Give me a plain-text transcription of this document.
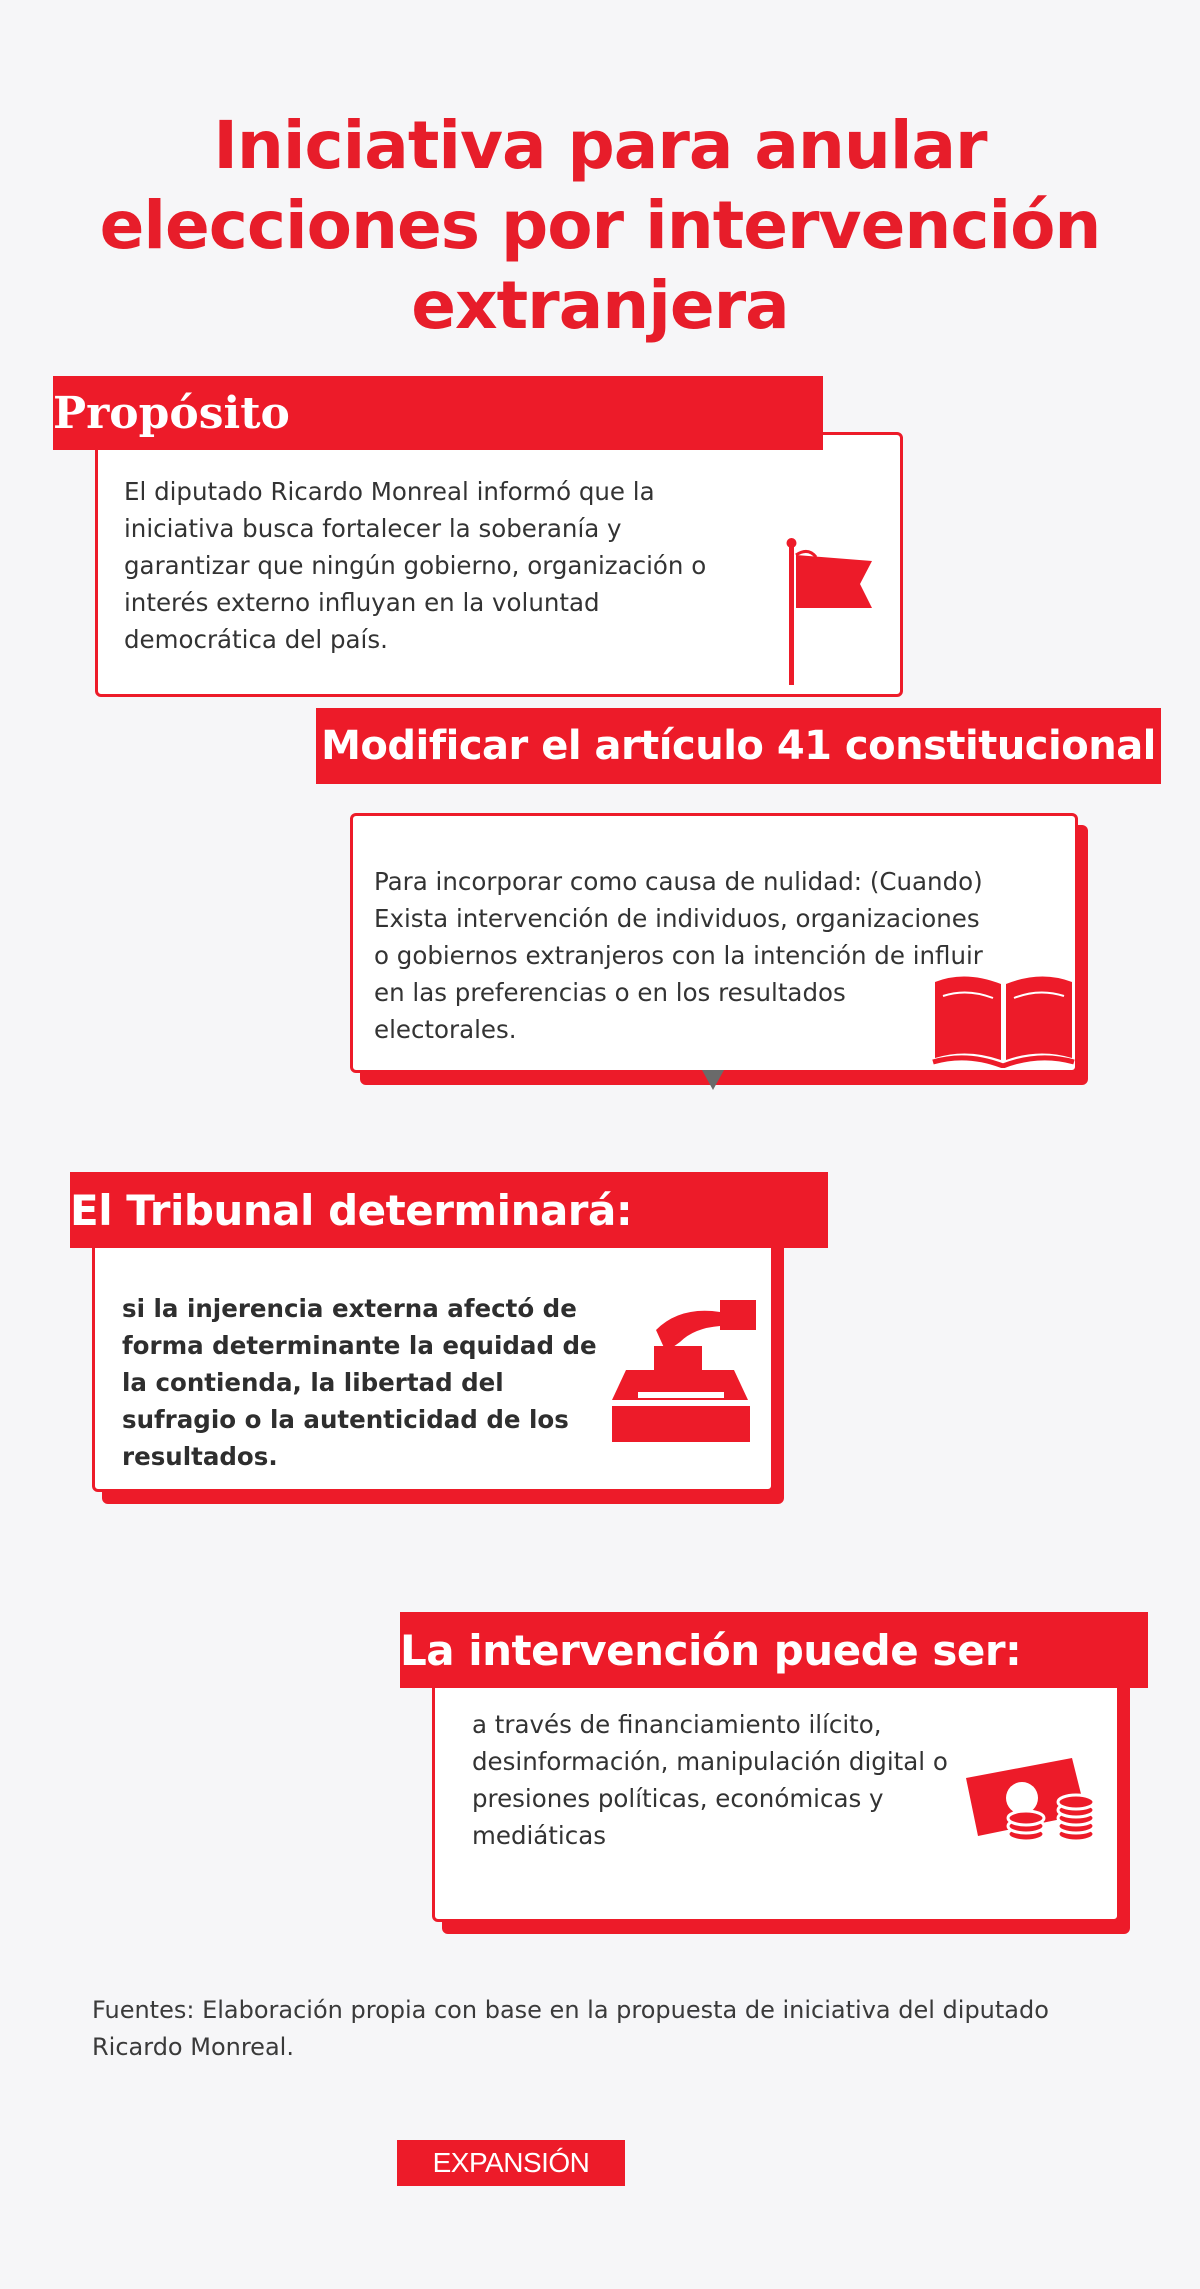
Iniciativa para anular
elecciones por intervención
extranjera
Propósito
El diputado Ricardo Monreal informó que la iniciativa busca fortalecer la soberanía y garantizar que ningún gobierno, organización o interés externo influyan en la voluntad democrática del país.
Modificar el artículo 41 constitucional
Para incorporar como causa de nulidad: (Cuando) Exista intervención de individuos, organizaciones o gobiernos extranjeros con la intención de influir en las preferencias o en los resultados electorales.
El Tribunal determinará:
si la injerencia externa afectó de forma determinante la equidad de la contienda, la libertad del sufragio o la autenticidad de los resultados.
La intervención puede ser:
a través de financiamiento ilícito, desinformación, manipulación digital o presiones políticas, económicas y mediáticas
Fuentes: Elaboración propia con base en la propuesta de iniciativa del diputado Ricardo Monreal.
EXPANSIÓN
